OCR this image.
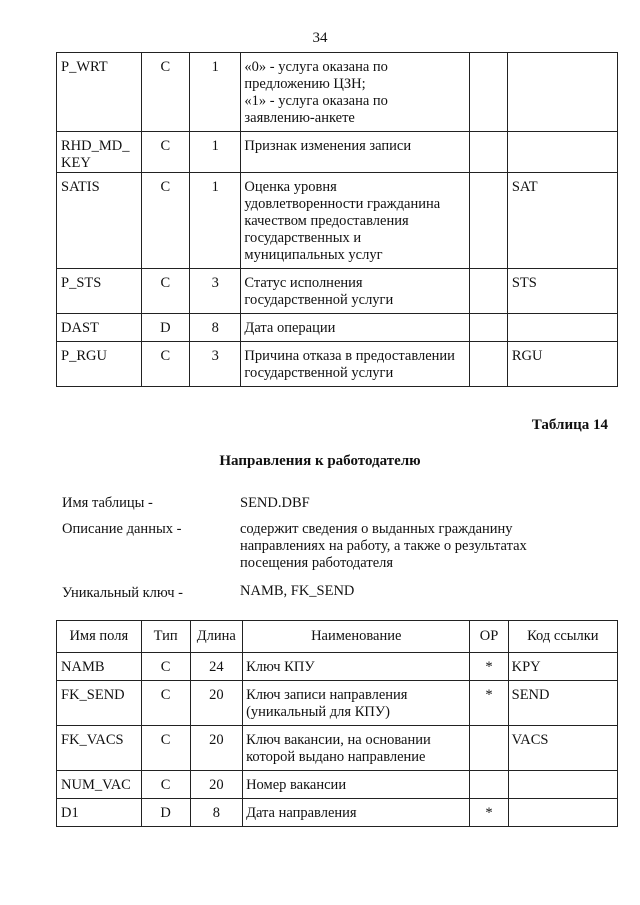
34
P_WRT	C	1	«0» - услуга оказана по
предложению ЦЗН;
«1» - услуга оказана по
заявлению-анкете		

RHD_MD_
KEY	C	1	Признак изменения записи		

SATIS	C	1	Оценка уровня
удовлетворенности гражданина
качеством предоставления
государственных и
муниципальных услуг		SAT

P_STS	C	3	Статус исполнения
государственной услуги		STS

DAST	D	8	Дата операции		

P_RGU	C	3	Причина отказа в предоставлении
государственной услуги		RGU
Таблица 14
Направления к работодателю
Имя таблицы -	SEND.DBF
Описание данных -	содержит сведения о выданных гражданину
направлениях на работу, а также о результатах
посещения работодателя
Уникальный ключ -	NAMB, FK_SEND
Имя поля	Тип	Длина	Наименование	ОР	Код ссылки
NAMB	C	24	Ключ КПУ	*	KPY
FK_SEND	C	20	Ключ записи направления
(уникальный для КПУ)	*	SEND
FK_VACS	C	20	Ключ вакансии, на основании
которой выдано направление		VACS
NUM_VAC	C	20	Номер вакансии		

D1	D	8	Дата направления	*	
